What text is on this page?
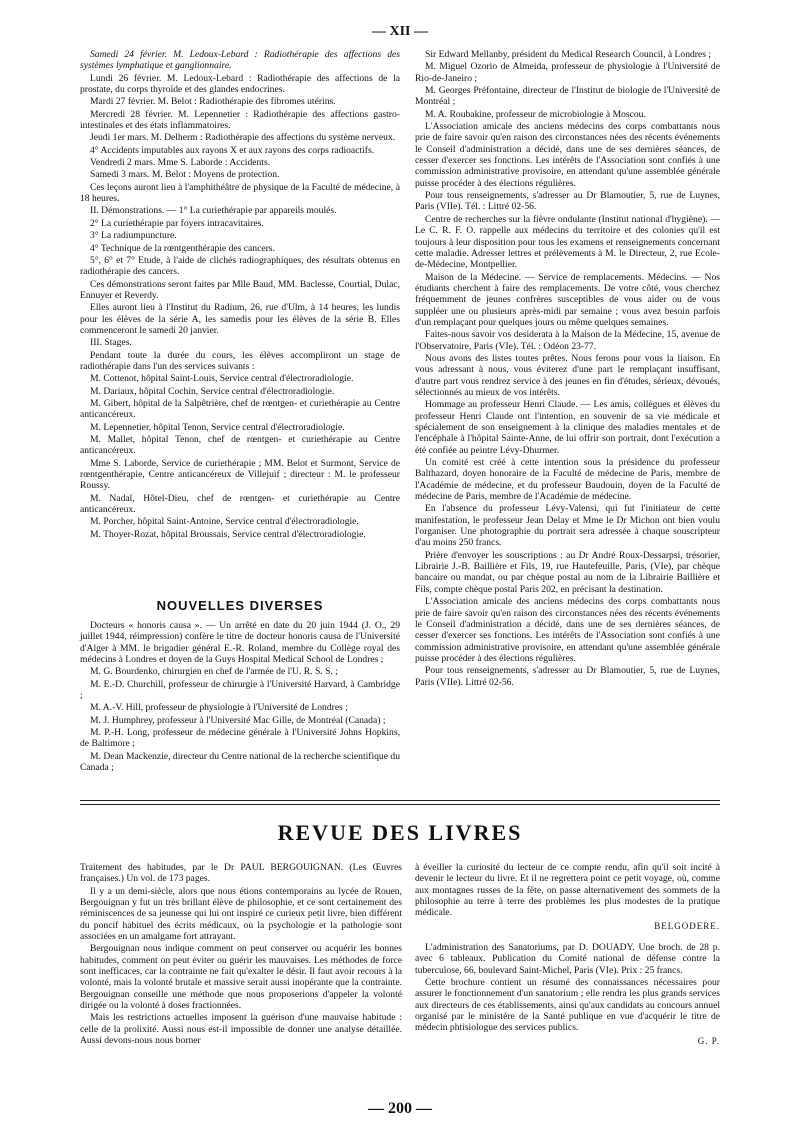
— XII —

Samedi 24 février. M. Ledoux-Lebard : Radiothérapie des affections des systèmes lymphatique et ganglionnaire.

Lundi 26 février. M. Ledoux-Lebard : Radiothérapie des affections de la prostate, du corps thyroïde et des glandes endocrines.

Mardi 27 février. M. Belot : Radiothérapie des fibromes utérins.

Mercredi 28 février. M. Lepennetier : Radiothérapie des affections gastro-intestinales et des états inflammatoires.

Jeudi 1er mars. M. Delherm : Radiothérapie des affections du système nerveux.

4° Accidents imputables aux rayons X et aux rayons des corps radioactifs.

Vendredi 2 mars. Mme S. Laborde : Accidents.

Samedi 3 mars. M. Belot : Moyens de protection.

Ces leçons auront lieu à l'amphithéâtre de physique de la Faculté de médecine, à 18 heures.

II. Démonstrations. — 1° La curiethérapie par appareils moulés.

2° La curiethérapie par foyers intracavitaires.

3° La radiumpuncture.

4° Technique de la rœntgenthérapie des cancers.

5°, 6° et 7° Etude, à l'aide de clichés radiographiques, des résultats obtenus en radiothérapie des cancers.

Ces démonstrations seront faites par Mlle Baud, MM. Baclesse, Courtial, Dulac, Ennuyer et Reverdy.

Elles auront lieu à l'Institut du Radium, 26, rue d'Ulm, à 14 heures, les lundis pour les élèves de la série A, les samedis pour les élèves de la série B. Elles commenceront le samedi 20 janvier.

III. Stages.

Pendant toute la durée du cours, les élèves accompliront un stage de radiothérapie dans l'un des services suivants :

M. Cottenot, hôpital Saint-Louis, Service central d'électroradiologie.

M. Dariaux, hôpital Cochin, Service central d'électroradiologie.

M. Gibert, hôpital de la Salpêtrière, chef de rœntgen- et curiethérapie au Centre anticancéreux.

M. Lepennetier, hôpital Tenon, Service central d'électroradiologie.

M. Mallet, hôpital Tenon, chef de rœntgen- et curiethérapie au Centre anticancéreux.

Mme S. Laborde, Service de curiethérapie ; MM. Belot et Surmont, Service de rœntgenthérapie, Centre anticancéreux de Villejuif ; directeur : M. le professeur Roussy.

M. Nadal, Hôtel-Dieu, chef de rœntgen- et curiethérapie au Centre anticancéreux.

M. Porcher, hôpital Saint-Antoine, Service central d'électroradiologie.

M. Thoyer-Rozat, hôpital Broussais, Service central d'électroradiologie.

NOUVELLES DIVERSES

Docteurs « honoris causa ». — Un arrêté en date du 20 juin 1944 (J. O., 29 juillet 1944, réimpression) confère le titre de docteur honoris causa de l'Université d'Alger à MM. le brigadier général E.-R. Roland, membre du Collège royal des médecins à Londres et doyen de la Guys Hospital Medical School de Londres ;

M. G. Bourdenko, chirurgien en chef de l'armée de l'U. R. S. S. ;

M. E.-D. Churchill, professeur de chirurgie à l'Université Harvard, à Cambridge ;

M. A.-V. Hill, professeur de physiologie à l'Université de Londres ;

M. J. Humphrey, professeur à l'Université Mac Gille, de Montréal (Canada) ;

M. P.-H. Long, professeur de médecine générale à l'Université Johns Hopkins, de Baltimore ;

M. Dean Mackenzie, directeur du Centre national de la recherche scientifique du Canada ;

Sir Edward Mellanby, président du Medical Research Council, à Londres ;

M. Miguel Ozorio de Almeida, professeur de physiologie à l'Université de Rio-de-Janeiro ;

M. Georges Préfontaine, directeur de l'Institut de biologie de l'Université de Montréal ;

M. A. Roubakine, professeur de microbiologie à Moscou.

L'Association amicale des anciens médecins des corps combattants nous prie de faire savoir qu'en raison des circonstances nées des récents événements le Conseil d'administration a décidé, dans une de ses dernières séances, de cesser d'exercer ses fonctions. Les intérêts de l'Association sont confiés à une commission administrative provisoire, en attendant qu'une assemblée générale puisse procéder à des élections régulières.

Pour tous renseignements, s'adresser au Dr Blamoutier, 5, rue de Luynes, Paris (VIIe). Tél. : Littré 02-56.

Centre de recherches sur la fièvre ondulante (Institut national d'hygiène). — Le C. R. F. O. rappelle aux médecins du territoire et des colonies qu'il est toujours à leur disposition pour tous les examens et renseignements concernant cette maladie. Adresser lettres et prélèvements à M. le Directeur, 2, rue Ecole-de-Médecine, Montpellier.

Maison de la Médecine. — Service de remplacements. Médecins. — Nos étudiants cherchent à faire des remplacements. De votre côté, vous cherchez fréquemment de jeunes confrères susceptibles de vous aider ou de vous suppléer une ou plusieurs après-midi par semaine ; vous avez besoin parfois d'un remplaçant pour quelques jours ou même quelques semaines.

Faites-nous savoir vos desiderata à la Maison de la Médecine, 15, avenue de l'Observatoire, Paris (VIe). Tél. : Odéon 23-77.

Nous avons des listes toutes prêtes. Nous ferons pour vous la liaison. En vous adressant à nous, vous éviterez d'une part le remplaçant insuffisant, d'autre part vous rendrez service à des jeunes en fin d'études, sérieux, dévoués, sélectionnés au mieux de vos intérêts.

Hommage au professeur Henri Claude. — Les amis, collègues et élèves du professeur Henri Claude ont l'intention, en souvenir de sa vie médicale et spécialement de son enseignement à la clinique des maladies mentales et de l'encéphale à l'hôpital Sainte-Anne, de lui offrir son portrait, dont l'exécution a été confiée au peintre Lévy-Dhurmer.

Un comité est créé à cette intention sous la présidence du professeur Balthazard, doyen honoraire de la Faculté de médecine de Paris, membre de l'Académie de médecine, et du professeur Baudouin, doyen de la Faculté de médecine de Paris, membre de l'Académie de médecine.

En l'absence du professeur Lévy-Valensi, qui fut l'initiateur de cette manifestation, le professeur Jean Delay et Mme le Dr Michon ont bien voulu l'organiser. Une photographie du portrait sera adressée à chaque souscripteur d'au moins 250 francs.

Prière d'envoyer les souscriptions : au Dr André Roux-Dessarpsi, trésorier, Librairie J.-B. Baillière et Fils, 19, rue Hautefeuille, Paris, (VIe), par chèque bancaire ou mandat, ou par chèque postal au nom de la Librairie Baillière et Fils, compte chèque postal Paris 202, en précisant la destination.

L'Association amicale des anciens médecins des corps combattants nous prie de faire savoir qu'en raison des circonstances nées des récents événements le Conseil d'administration a décidé, dans une de ses dernières séances, de cesser d'exercer ses fonctions. Les intérêts de l'Association sont confiés à une commission administrative provisoire, en attendant qu'une assemblée générale puisse procéder à des élections régulières.

Pour tous renseignements, s'adresser au Dr Blamoutier, 5, rue de Luynes, Paris (VIIe). Littré 02-56.

REVUE DES LIVRES

Traitement des habitudes, par le Dr PAUL BERGOUIGNAN. (Les Œuvres françaises.) Un vol. de 173 pages.

Il y a un demi-siècle, alors que nous étions contemporains au lycée de Rouen, Bergouignan y fut un très brillant élève de philosophie, et ce sont certainement des réminiscences de sa jeunesse qui lui ont inspiré ce curieux petit livre, bien différent du poncif habituel des écrits médicaux, où la psychologie et la pathologie sont associées en un amalgame fort attrayant.

Bergouignan nous indique comment on peut conserver ou acquérir les bonnes habitudes, comment on peut éviter ou guérir les mauvaises. Les méthodes de force sont inefficaces, car la contrainte ne fait qu'exalter le désir. Il faut avoir recours à la volonté, mais la volonté brutale et massive serait aussi inopérante que la contrainte. Bergouignan conseille une méthode que nous proposerions d'appeler la volonté dirigée ou la volonté à doses fractionnées.

Mais les restrictions actuelles imposent la guérison d'une mauvaise habitude : celle de la prolixité. Aussi nous est-il impossible de donner une analyse détaillée. Aussi devons-nous nous borner

à éveiller la curiosité du lecteur de ce compte rendu, afin qu'il soit incité à devenir le lecteur du livre. Et il ne regrettera point ce petit voyage, où, comme aux montagnes russes de la fête, on passe alternativement des sommets de la philosophie au terre à terre des problèmes les plus modestes de la pratique médicale.

BELGODERE.

L'administration des Sanatoriums, par D. DOUADY. Une broch. de 28 p. avec 6 tableaux. Publication du Comité national de défense contre la tuberculose, 66, boulevard Saint-Michel, Paris (VIe). Prix : 25 francs.

Cette brochure contient un résumé des connaissances nécessaires pour assurer le fonctionnement d'un sanatorium ; elle rendra les plus grands services aux directeurs de ces établissements, ainsi qu'aux candidats au concours annuel organisé par le ministère de la Santé publique en vue d'acquérir le titre de médecin phtisiologue des services publics.

G. P.
— 200 —
